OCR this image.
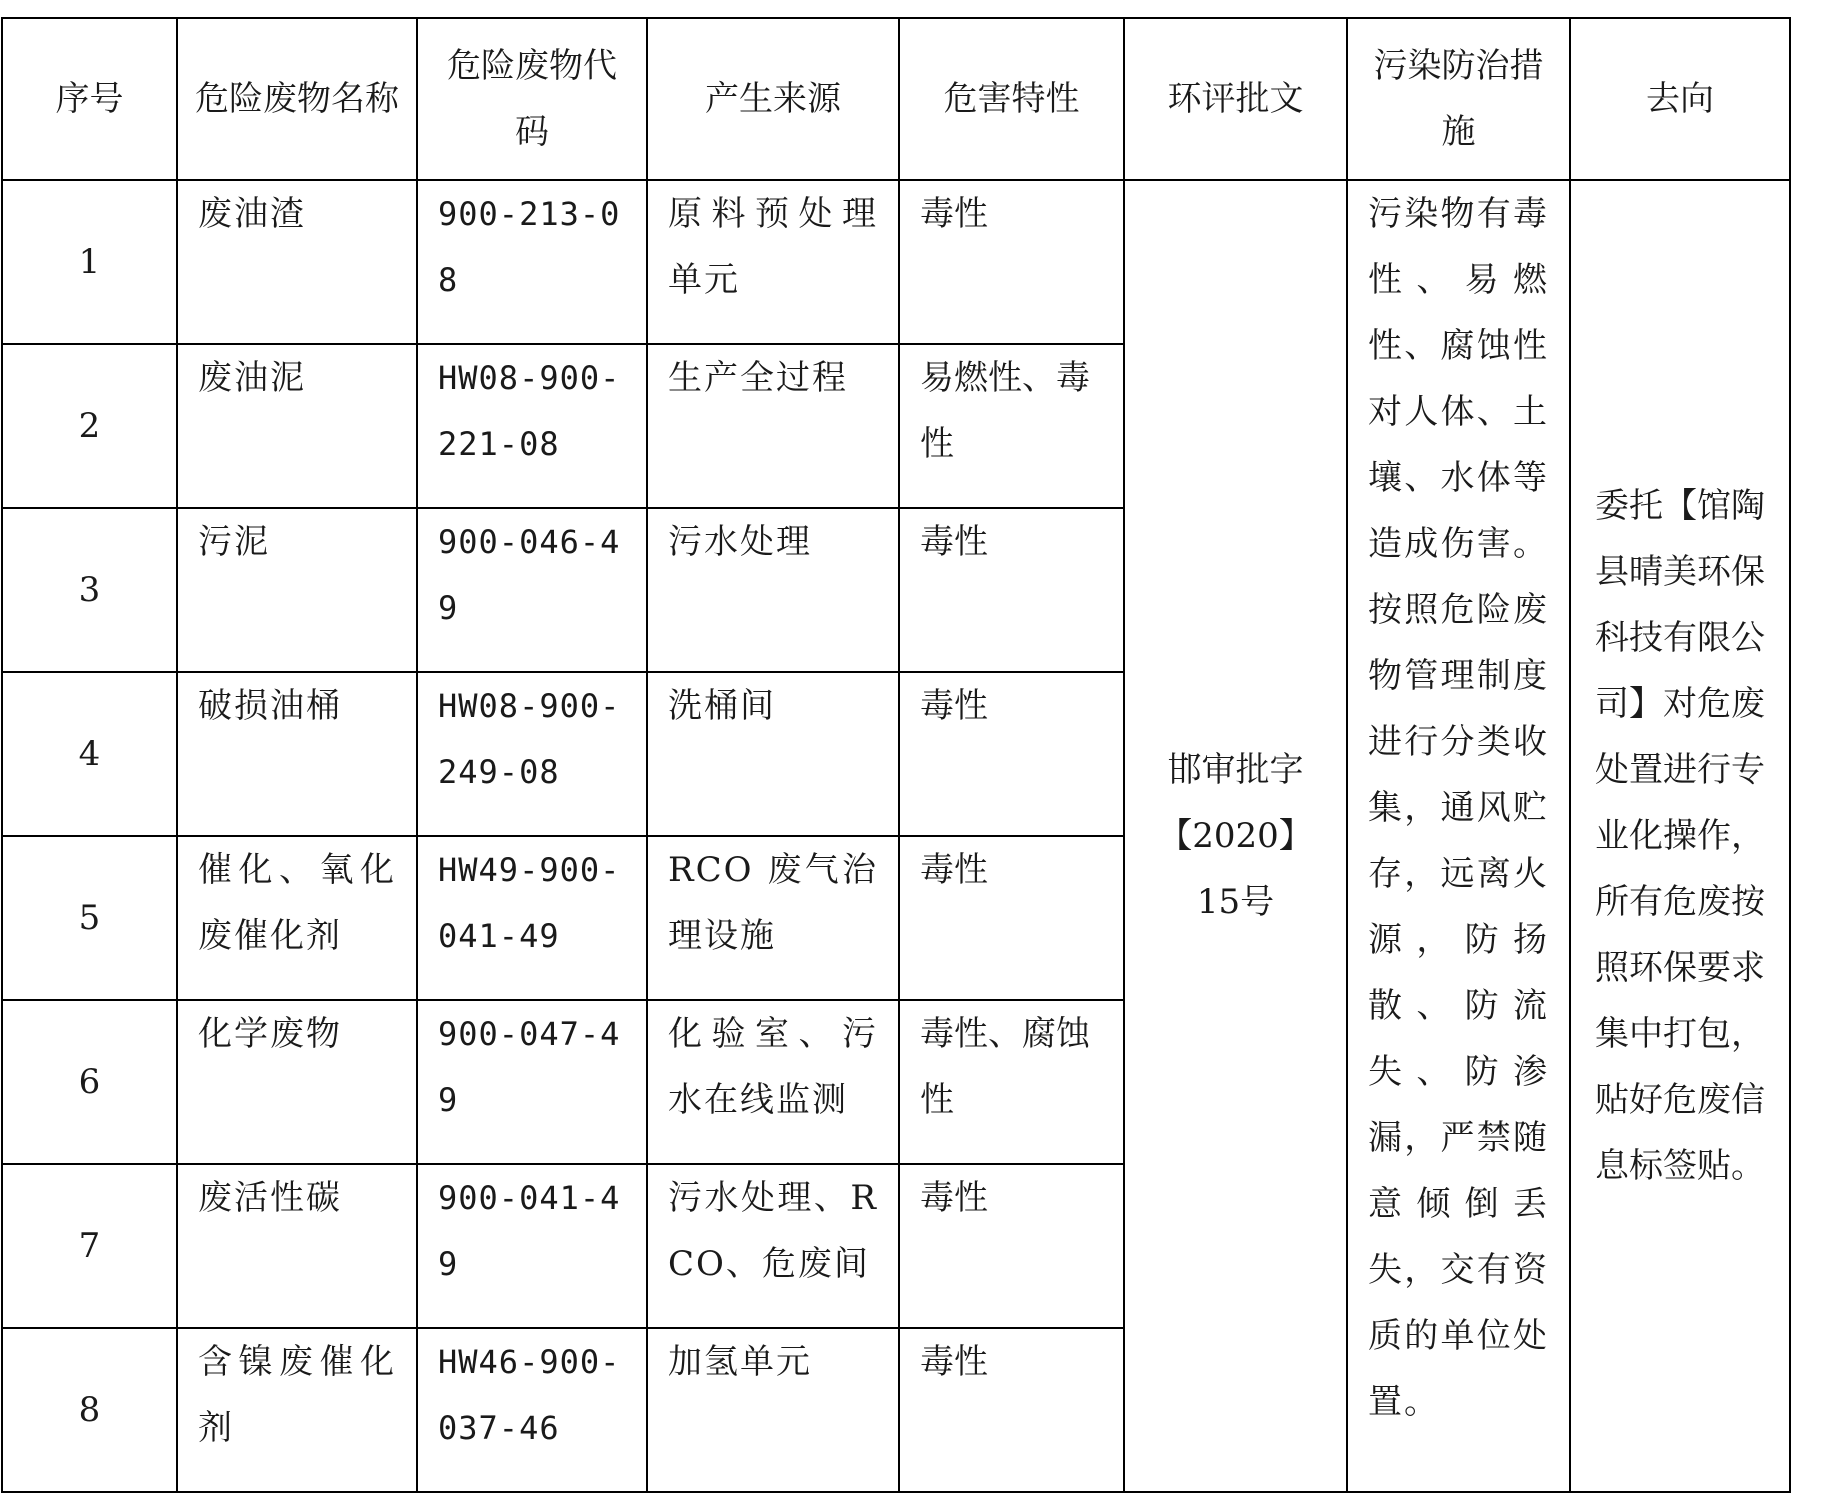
序号	危险废物名称	危险废物代码	产生来源	危害特性	环评批文	污染防治措施	去向
1	废油渣	900-213-08	原料预处理单元	毒性	邯审批字【2020】15号	污染物有毒性、易燃性、腐蚀性对人体、土壤、水体等造成伤害。按照危险废物管理制度进行分类收集，通风贮存，远离火源，防扬散、防流失、防渗漏，严禁随意倾倒丢失，交有资质的单位处置。	委托【馆陶县晴美环保科技有限公司】对危废处置进行专业化操作，所有危废按照环保要求集中打包，贴好危废信息标签贴。
2	废油泥	HW08-900-221-08	生产全过程	易燃性、毒性			
3	污泥	900-046-49	污水处理	毒性			
4	破损油桶	HW08-900-249-08	洗桶间	毒性			
5	催化、氧化废催化剂	HW49-900-041-49	RCO 废气治理设施	毒性			
6	化学废物	900-047-49	化验室、污水在线监测	毒性、腐蚀性			
7	废活性碳	900-041-49	污水处理、RCO、危废间	毒性			
8	含镍废催化剂	HW46-900-037-46	加氢单元	毒性			
